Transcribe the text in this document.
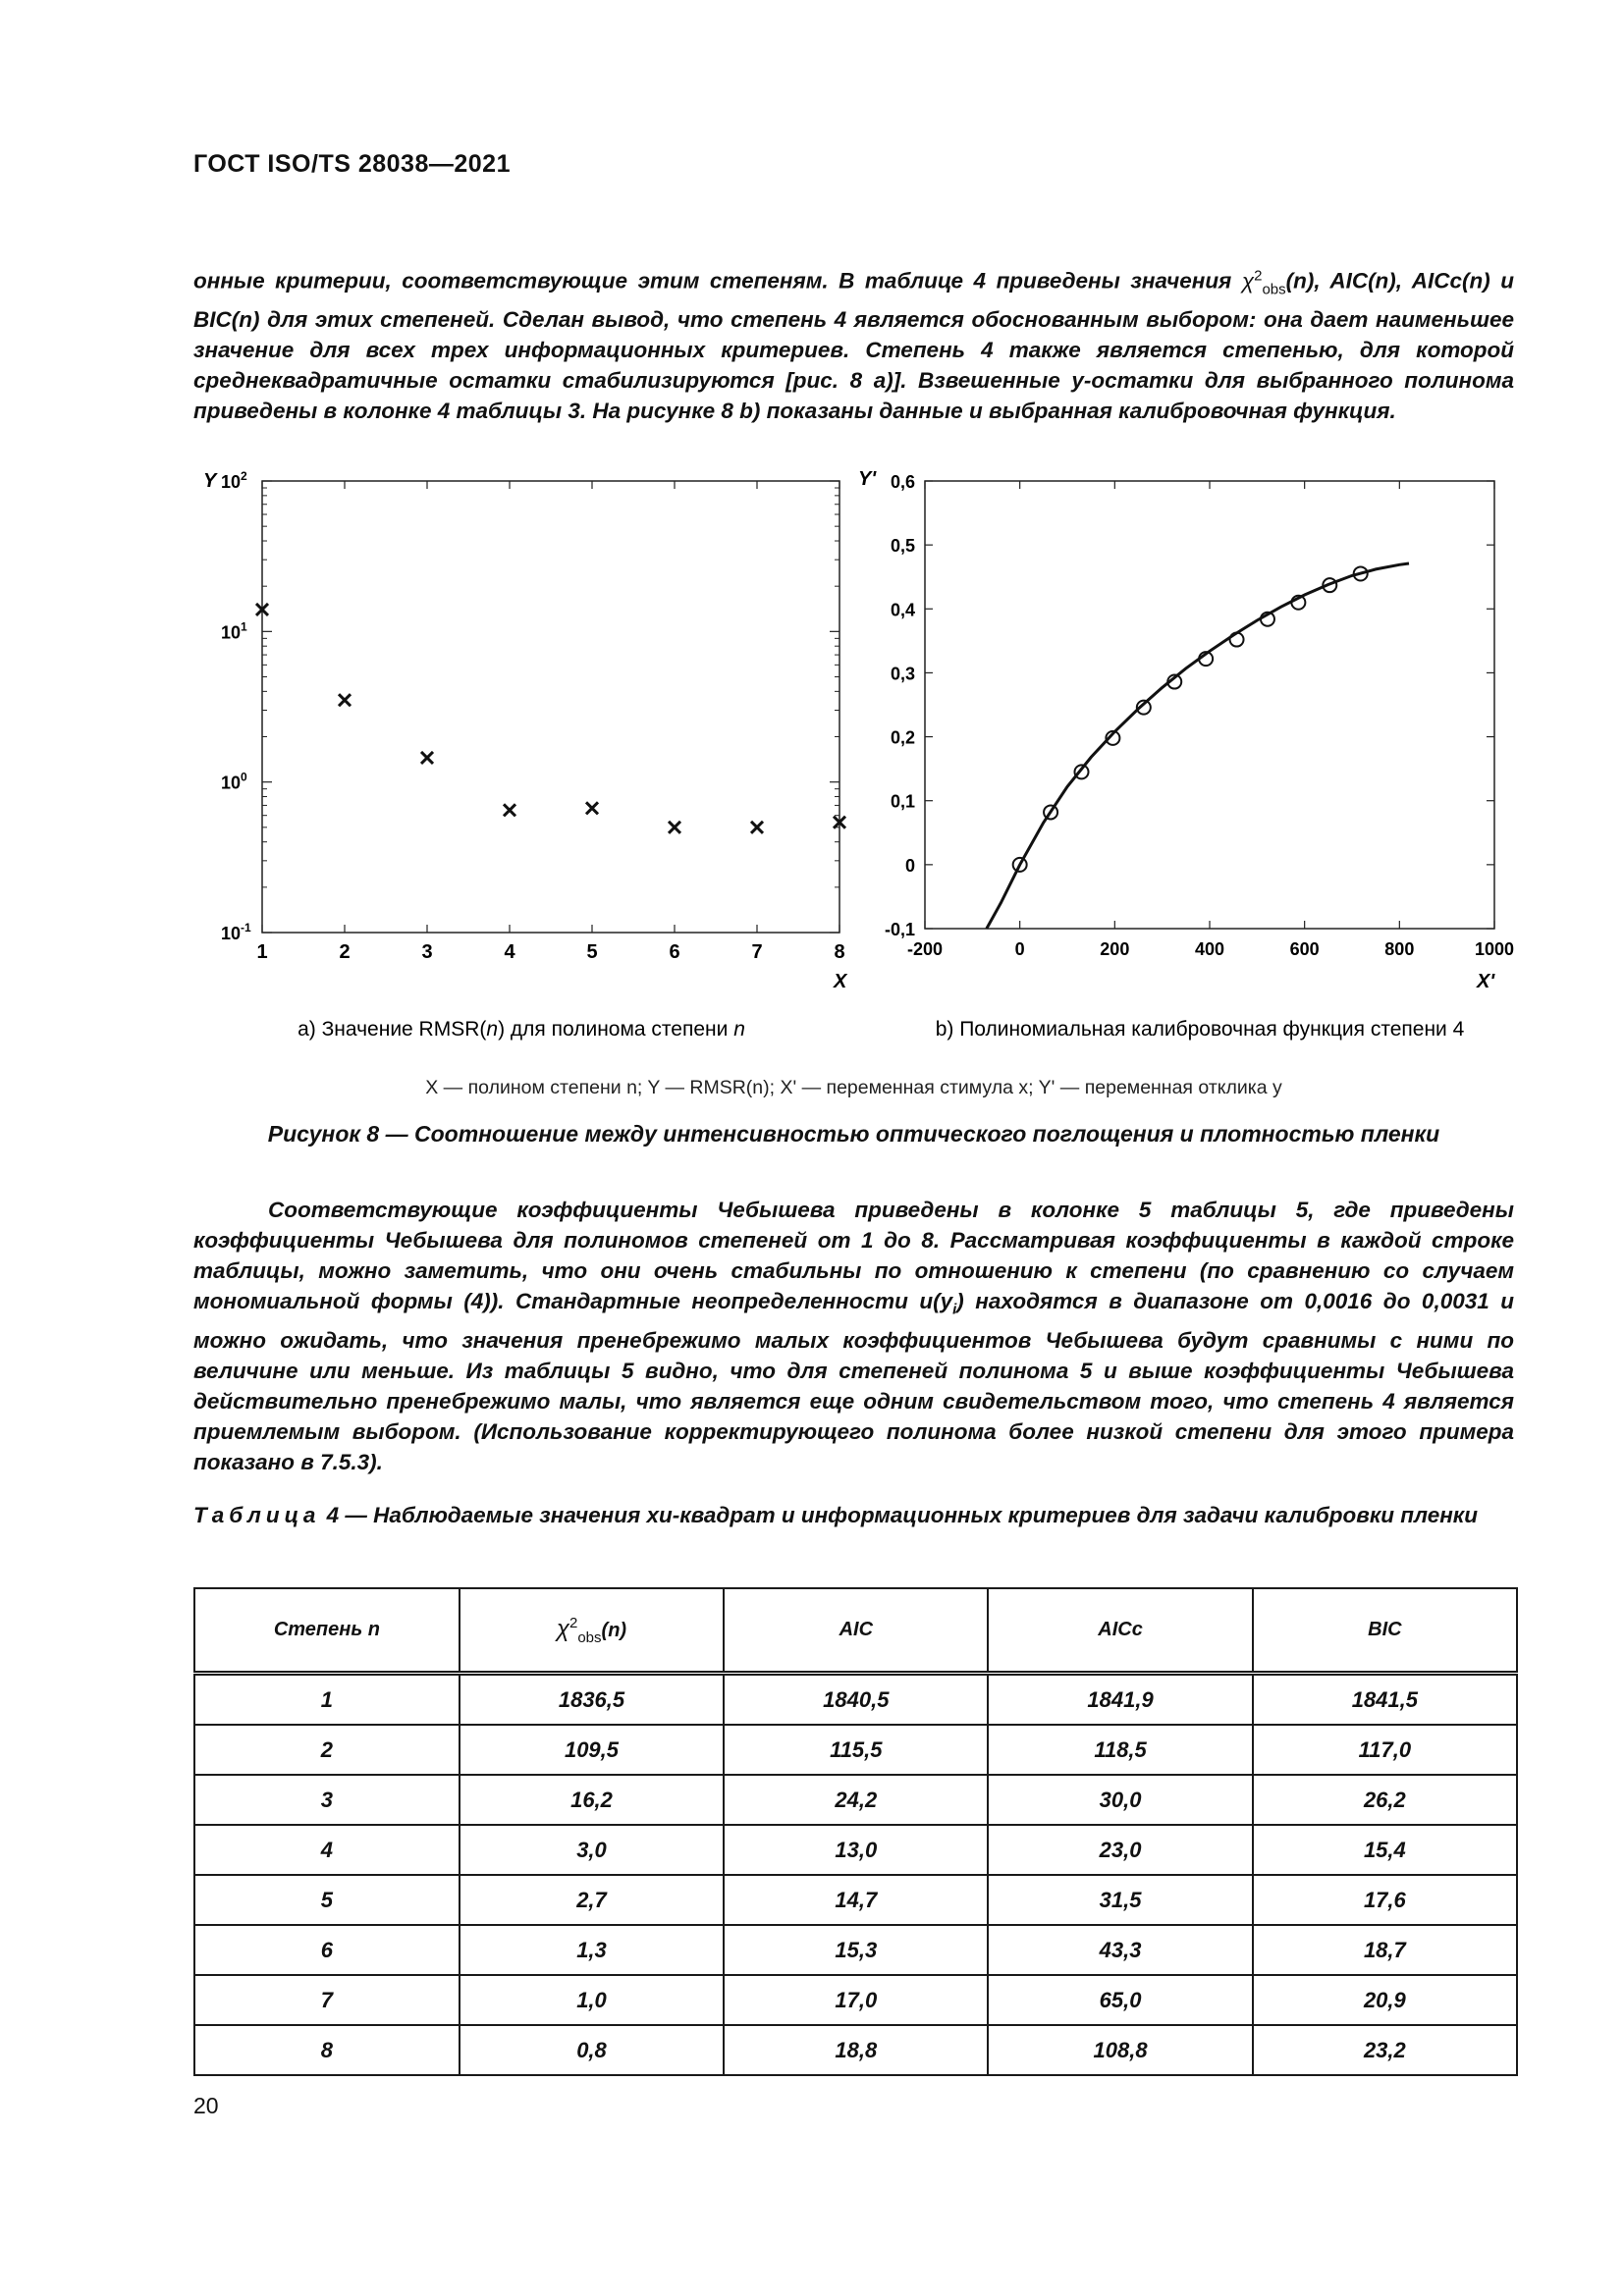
ГОСТ ISO/TS 28038—2021

онные критерии, соответствующие этим степеням. В таблице 4 приведены значения $\chi^2_{obs}(n)$, AIC(n), AICc(n) и BIC(n) для этих степеней. Сделан вывод, что степень 4 является обоснованным выбором: она дает наименьшее значение для всех трех информационных критериев. Степень 4 также является степенью, для которой среднеквадратичные остатки стабилизируются [рис. 8 а)]. Взвешенные y-остатки для выбранного полинома приведены в колонке 4 таблицы 3. На рисунке 8 b) показаны данные и выбранная калибровочная функция.

1	2	3	4	5	6	7	8
10 -1
10 0
10 1
10 2
Y
X
a) Значение RMSR(n) для полинома степени n
-200	0	200	400	600	800	1000
-0,1
0
0,1
0,2
0,3
0,4
0,5
0,6
Y'
X'
b) Полиномиальная калибровочная функция степени 4
X — полином степени n; Y — RMSR(n); X' — переменная стимула x; Y' — переменная отклика y
Рисунок 8 — Соотношение между интенсивностью оптического поглощения и плотностью пленки

Соответствующие коэффициенты Чебышева приведены в колонке 5 таблицы 5, где приведены коэффициенты Чебышева для полиномов степеней от 1 до 8. Рассматривая коэффициенты в каждой строке таблицы, можно заметить, что они очень стабильны по отношению к степени (по сравнению со случаем мономиальной формы (4)). Стандартные неопределенности $u(y_i)$ находятся в диапазоне от 0,0016 до 0,0031 и можно ожидать, что значения пренебрежимо малых коэффициентов Чебышева будут сравнимы с ними по величине или меньше. Из таблицы 5 видно, что для степеней полинома 5 и выше коэффициенты Чебышева действительно пренебрежимо малы, что является еще одним свидетельством того, что степень 4 является приемлемым выбором. (Использование корректирующего полинома более низкой степени для этого примера показано в 7.5.3).

Таблица 4 — Наблюдаемые значения хи-квадрат и информационных критериев для задачи калибровки пленки
Степень n	$\chi^2_{obs}(n)$	AIC	AICc	BIC
1	1836,5	1840,5	1841,9	1841,5
2	109,5	115,5	118,5	117,0
3	16,2	24,2	30,0	26,2
4	3,0	13,0	23,0	15,4
5	2,7	14,7	31,5	17,6
6	1,3	15,3	43,3	18,7
7	1,0	17,0	65,0	20,9
8	0,8	18,8	108,8	23,2
20
